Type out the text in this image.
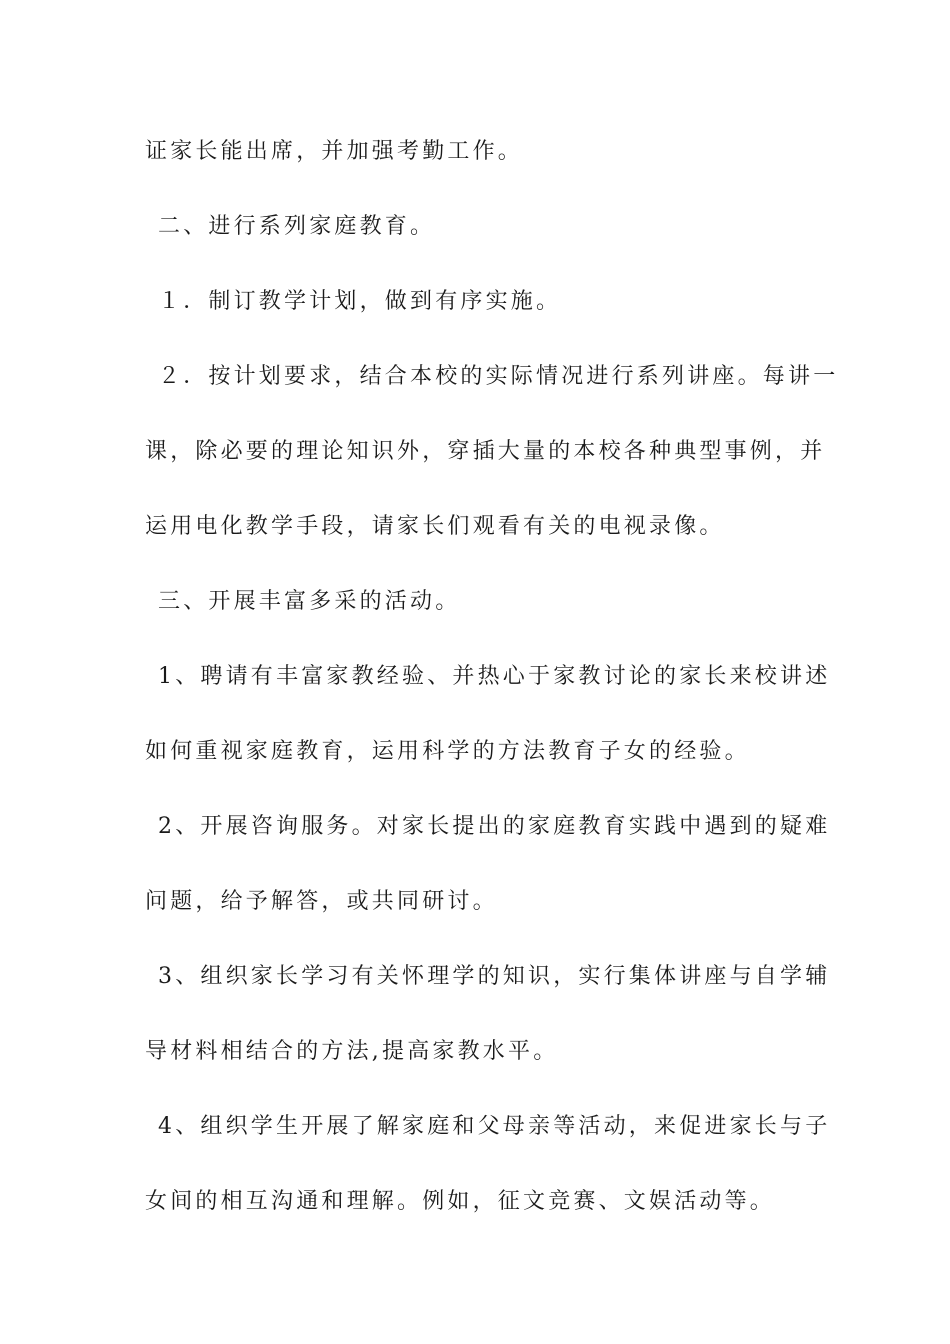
证家长能出席，并加强考勤工作。
二、进行系列家庭教育。
１．制订教学计划，做到有序实施。
２．按计划要求，结合本校的实际情况进行系列讲座。每讲一
课，除必要的理论知识外，穿插大量的本校各种典型事例，并
运用电化教学手段，请家长们观看有关的电视录像。
三、开展丰富多采的活动。
1、聘请有丰富家教经验、并热心于家教讨论的家长来校讲述
如何重视家庭教育，运用科学的方法教育子女的经验。
2、开展咨询服务。对家长提出的家庭教育实践中遇到的疑难
问题，给予解答，或共同研讨。
3、组织家长学习有关怀理学的知识，实行集体讲座与自学辅
导材料相结合的方法,提高家教水平。
4、组织学生开展了解家庭和父母亲等活动，来促进家长与子
女间的相互沟通和理解。例如，征文竞赛、文娱活动等。
